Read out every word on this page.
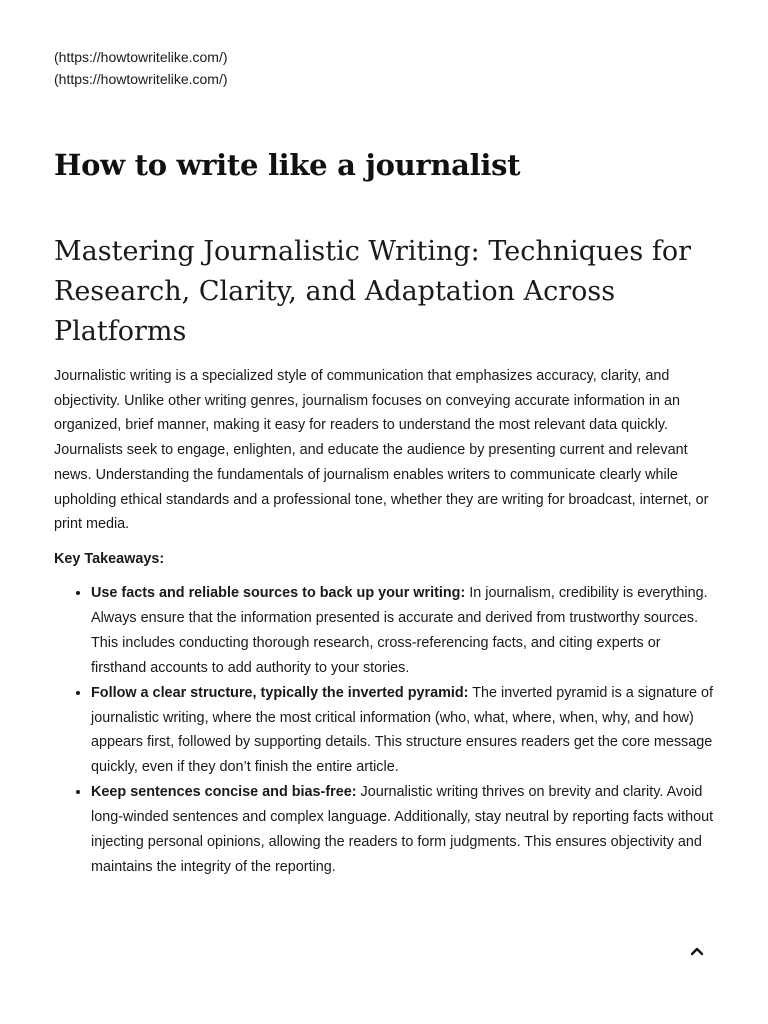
(https://howtowritelike.com/)
(https://howtowritelike.com/)
How to write like a journalist
Mastering Journalistic Writing: Techniques for Research, Clarity, and Adaptation Across Platforms

Journalistic writing is a specialized style of communication that emphasizes accuracy, clarity, and objectivity. Unlike other writing genres, journalism focuses on conveying accurate information in an organized, brief manner, making it easy for readers to understand the most relevant data quickly. Journalists seek to engage, enlighten, and educate the audience by presenting current and relevant news. Understanding the fundamentals of journalism enables writers to communicate clearly while upholding ethical standards and a professional tone, whether they are writing for broadcast, internet, or print media.

Key Takeaways:

• Use facts and reliable sources to back up your writing: In journalism, credibility is everything. Always ensure that the information presented is accurate and derived from trustworthy sources. This includes conducting thorough research, cross-referencing facts, and citing experts or firsthand accounts to add authority to your stories.
• Follow a clear structure, typically the inverted pyramid: The inverted pyramid is a signature of journalistic writing, where the most critical information (who, what, where, when, why, and how) appears first, followed by supporting details. This structure ensures readers get the core message quickly, even if they don’t finish the entire article.
• Keep sentences concise and bias-free: Journalistic writing thrives on brevity and clarity. Avoid long-winded sentences and complex language. Additionally, stay neutral by reporting facts without injecting personal opinions, allowing the readers to form judgments. This ensures objectivity and maintains the integrity of the reporting.
